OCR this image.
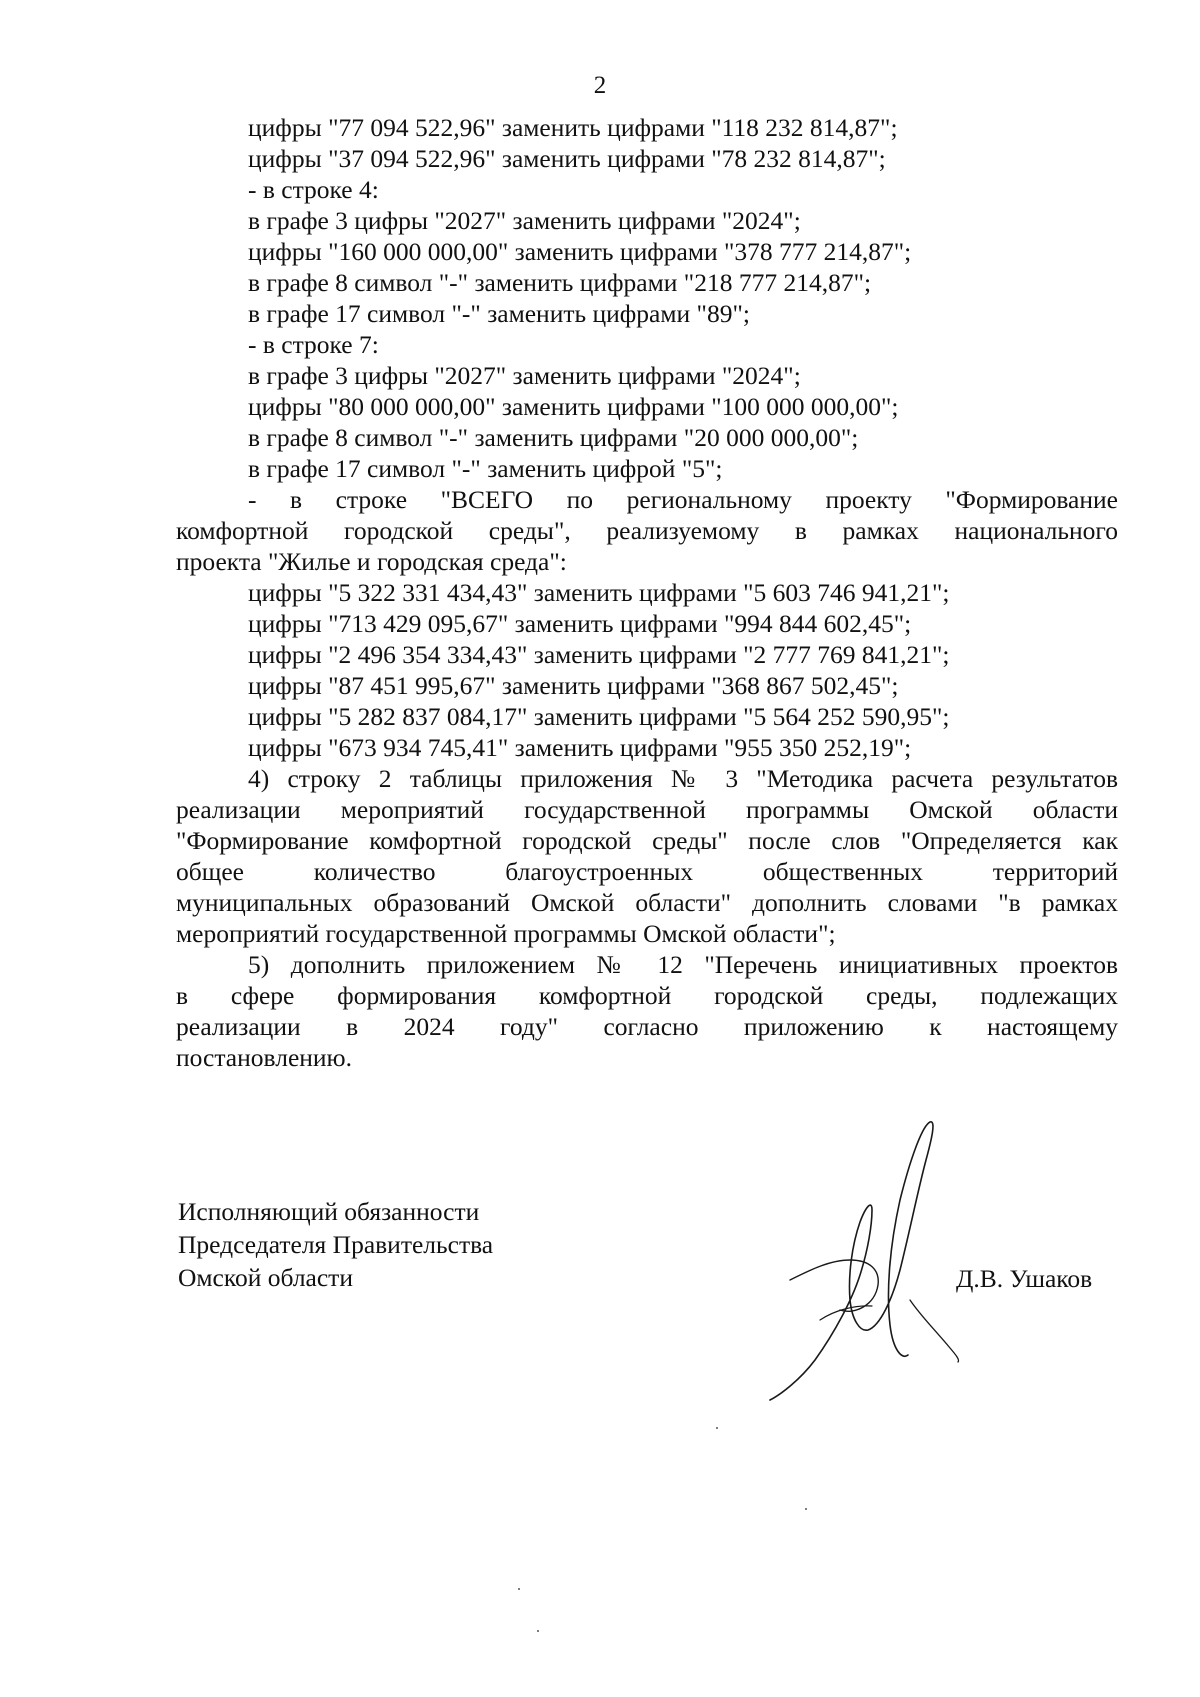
2
цифры "77 094 522,96" заменить цифрами "118 232 814,87";
цифры "37 094 522,96" заменить цифрами "78 232 814,87";
- в строке 4:
в графе 3 цифры "2027" заменить цифрами "2024";
цифры "160 000 000,00" заменить цифрами "378 777 214,87";
в графе 8 символ "-" заменить цифрами "218 777 214,87";
в графе 17 символ "-" заменить цифрами "89";
- в строке 7:
в графе 3 цифры "2027" заменить цифрами "2024";
цифры "80 000 000,00" заменить цифрами "100 000 000,00";
в графе 8 символ "-" заменить цифрами "20 000 000,00";
в графе 17 символ "-" заменить цифрой "5";
- в строке "ВСЕГО по региональному проекту "Формирование
комфортной городской среды", реализуемому в рамках национального
проекта "Жилье и городская среда":
цифры "5 322 331 434,43" заменить цифрами "5 603 746 941,21";
цифры "713 429 095,67" заменить цифрами "994 844 602,45";
цифры "2 496 354 334,43" заменить цифрами "2 777 769 841,21";
цифры "87 451 995,67" заменить цифрами "368 867 502,45";
цифры "5 282 837 084,17" заменить цифрами "5 564 252 590,95";
цифры "673 934 745,41" заменить цифрами "955 350 252,19";
4) строку 2 таблицы приложения № 3 "Методика расчета результатов
реализации мероприятий государственной программы Омской области
"Формирование комфортной городской среды" после слов "Определяется как
общее количество благоустроенных общественных территорий
муниципальных образований Омской области" дополнить словами "в рамках
мероприятий государственной программы Омской области";
5) дополнить приложением № 12 "Перечень инициативных проектов
в сфере формирования комфортной городской среды, подлежащих
реализации в 2024 году" согласно приложению к настоящему
постановлению.
Исполняющий обязанности
Председателя Правительства
Омской области	Д.В. Ушаков
